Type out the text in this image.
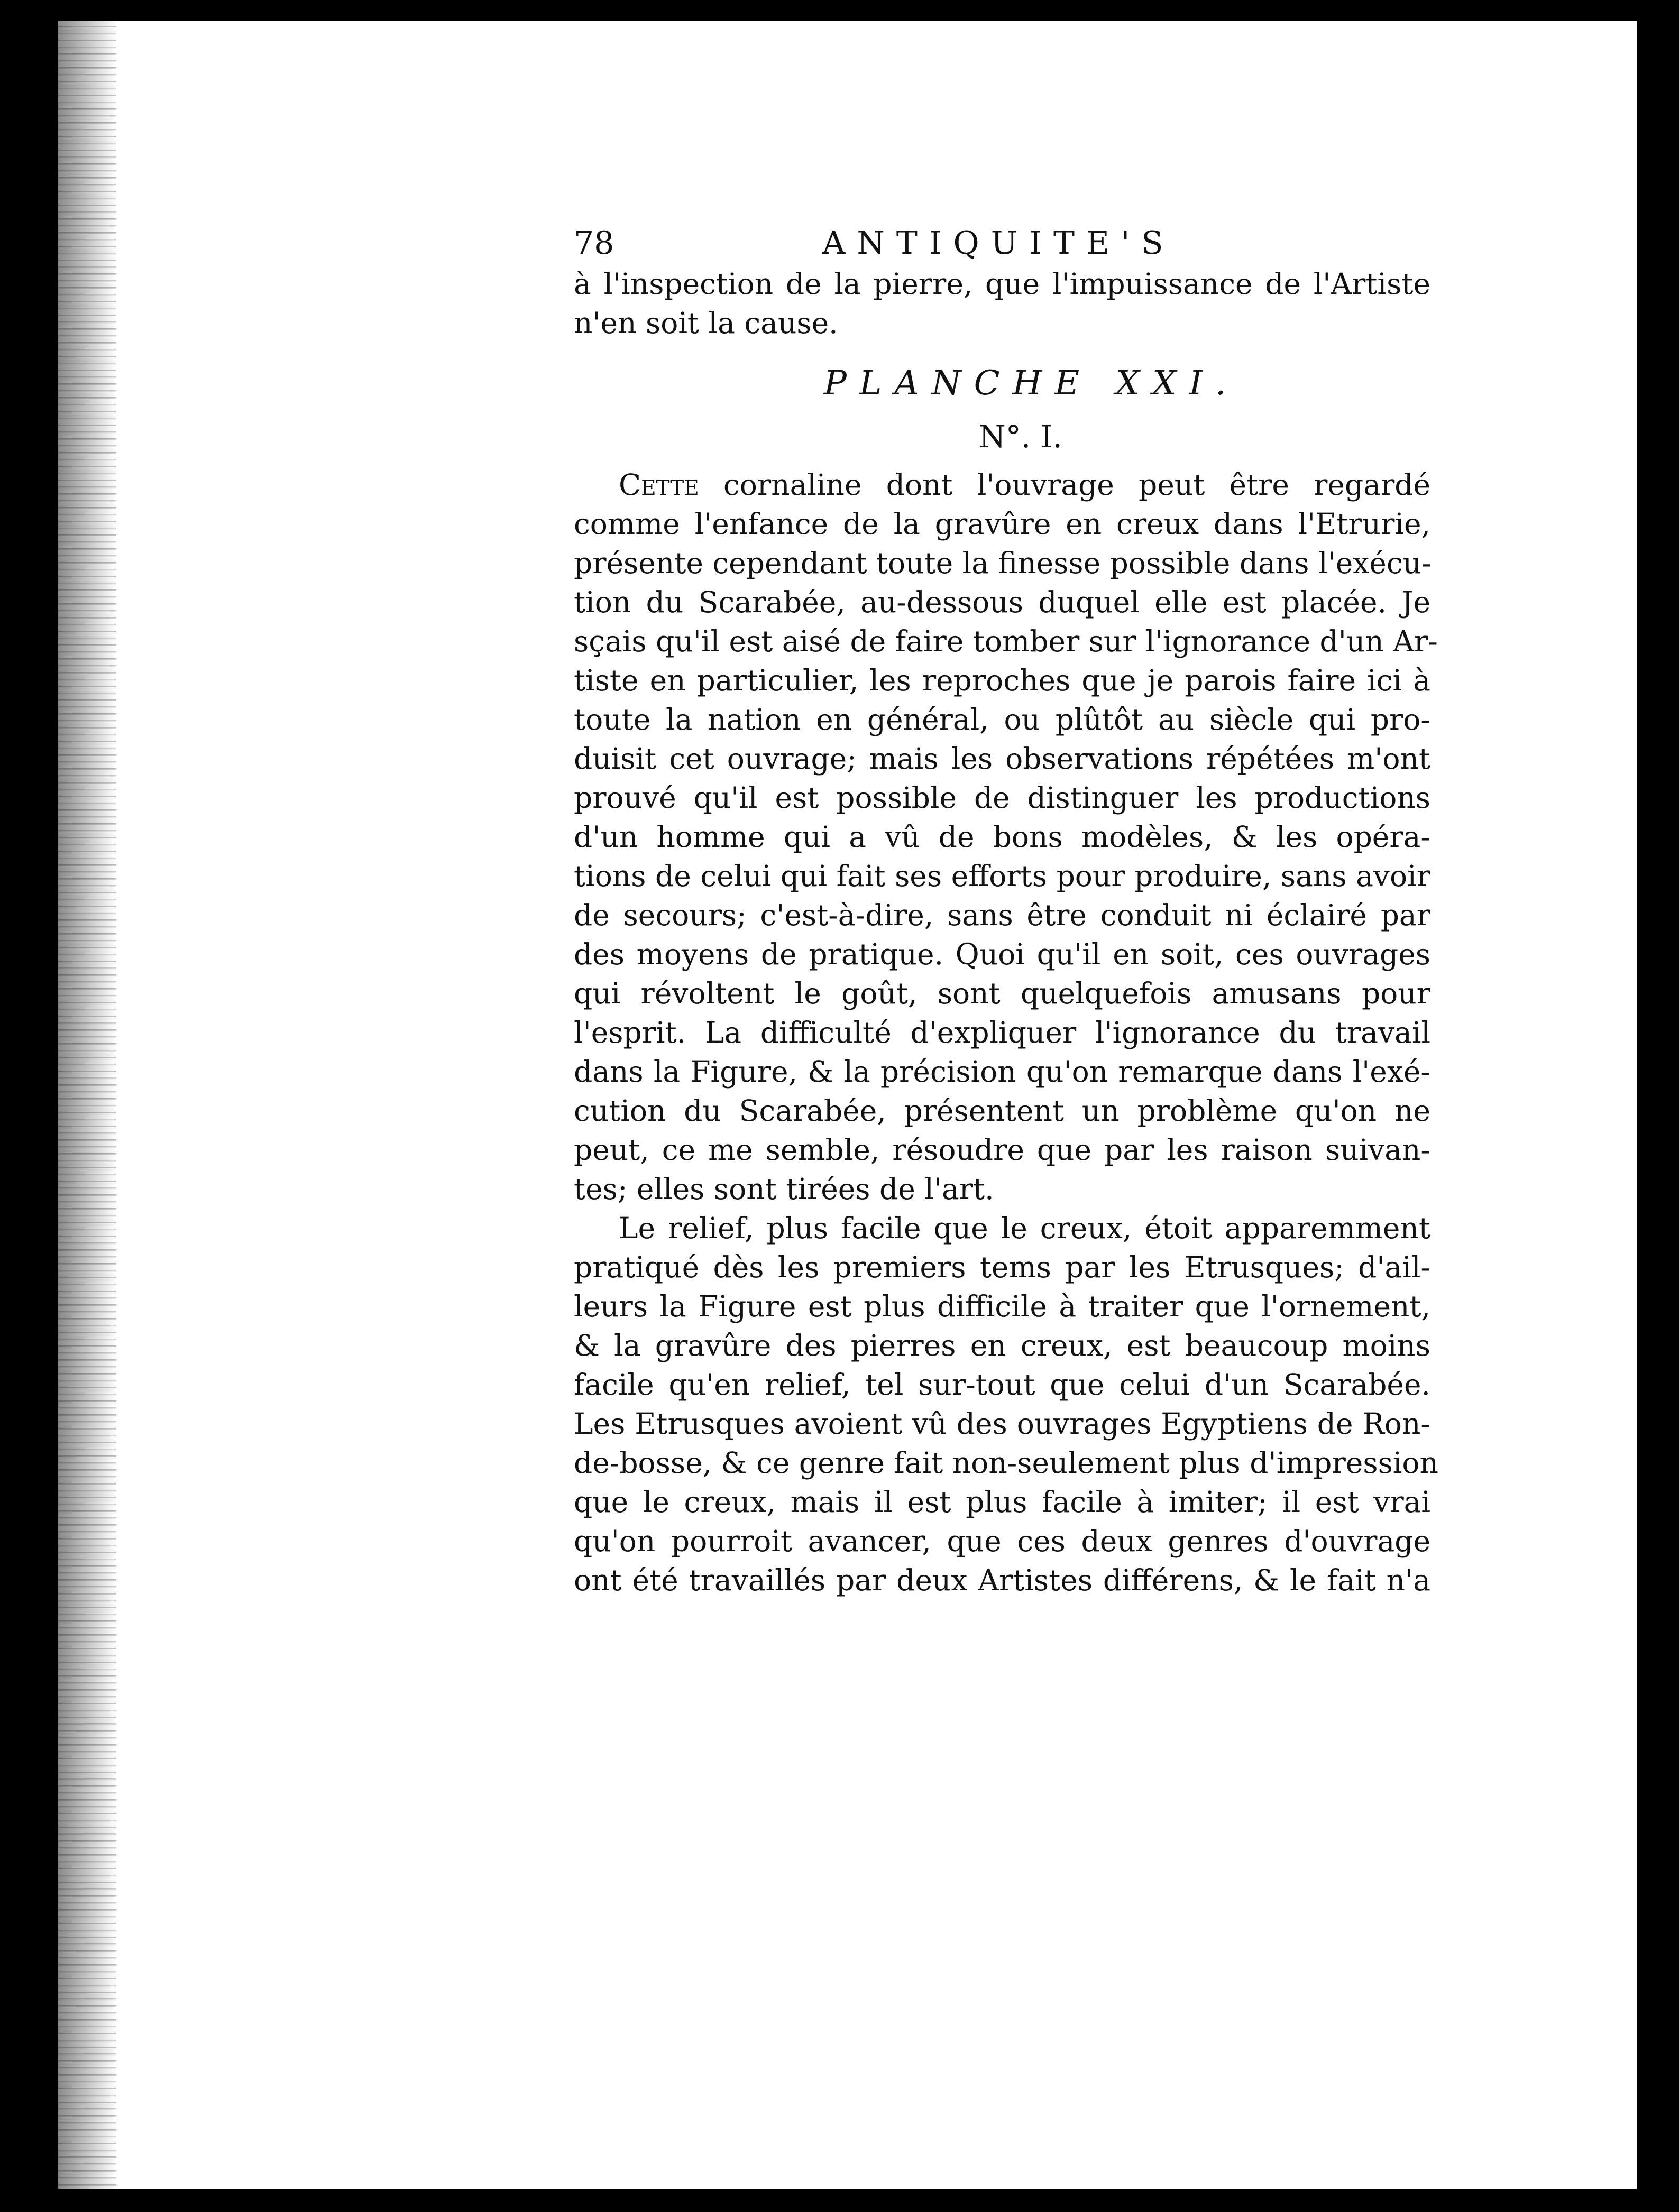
78	ANTIQUITE'S
à l'inspection de la pierre, que l'impuissance de l'Artiste
n'en soit la cause.
PLANCHE XXI.
N°. I.
Cette cornaline dont l'ouvrage peut être regardé
comme l'enfance de la gravûre en creux dans l'Etrurie,
présente cependant toute la finesse possible dans l'exécu-
tion du Scarabée, au-dessous duquel elle est placée. Je
sçais qu'il est aisé de faire tomber sur l'ignorance d'un Ar-
tiste en particulier, les reproches que je parois faire ici à
toute la nation en général, ou plûtôt au siècle qui pro-
duisit cet ouvrage; mais les observations répétées m'ont
prouvé qu'il est possible de distinguer les productions
d'un homme qui a vû de bons modèles, & les opéra-
tions de celui qui fait ses efforts pour produire, sans avoir
de secours; c'est-à-dire, sans être conduit ni éclairé par
des moyens de pratique. Quoi qu'il en soit, ces ouvrages
qui révoltent le goût, sont quelquefois amusans pour
l'esprit. La difficulté d'expliquer l'ignorance du travail
dans la Figure, & la précision qu'on remarque dans l'exé-
cution du Scarabée, présentent un problème qu'on ne
peut, ce me semble, résoudre que par les raison suivan-
tes; elles sont tirées de l'art.
Le relief, plus facile que le creux, étoit apparemment
pratiqué dès les premiers tems par les Etrusques; d'ail-
leurs la Figure est plus difficile à traiter que l'ornement,
& la gravûre des pierres en creux, est beaucoup moins
facile qu'en relief, tel sur-tout que celui d'un Scarabée.
Les Etrusques avoient vû des ouvrages Egyptiens de Ron-
de-bosse, & ce genre fait non-seulement plus d'impression
que le creux, mais il est plus facile à imiter; il est vrai
qu'on pourroit avancer, que ces deux genres d'ouvrage
ont été travaillés par deux Artistes différens, & le fait n'a
